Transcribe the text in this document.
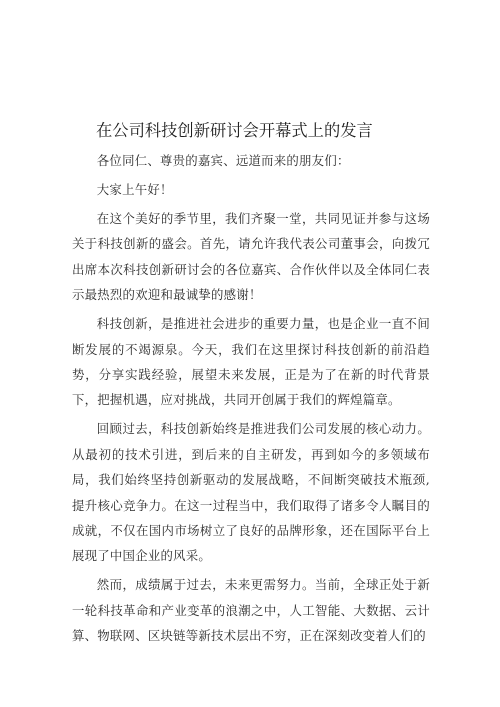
在公司科技创新研讨会开幕式上的发言

各位同仁、尊贵的嘉宾、远道而来的朋友们：

大家上午好！

在这个美好的季节里，我们齐聚一堂，共同见证并参与这场关于科技创新的盛会。首先，请允许我代表公司董事会，向拨冗出席本次科技创新研讨会的各位嘉宾、合作伙伴以及全体同仁表示最热烈的欢迎和最诚挚的感谢！

科技创新，是推进社会进步的重要力量，也是企业一直不间断发展的不竭源泉。今天，我们在这里探讨科技创新的前沿趋势，分享实践经验，展望未来发展，正是为了在新的时代背景下，把握机遇，应对挑战，共同开创属于我们的辉煌篇章。

回顾过去，科技创新始终是推进我们公司发展的核心动力。从最初的技术引进，到后来的自主研发，再到如今的多领域布局，我们始终坚持创新驱动的发展战略，不间断突破技术瓶颈,提升核心竞争力。在这一过程当中，我们取得了诸多令人瞩目的成就，不仅在国内市场树立了良好的品牌形象，还在国际平台上展现了中国企业的风采。

然而，成绩属于过去，未来更需努力。当前，全球正处于新一轮科技革命和产业变革的浪潮之中，人工智能、大数据、云计算、物联网、区块链等新技术层出不穷，正在深刻改变着人们的
